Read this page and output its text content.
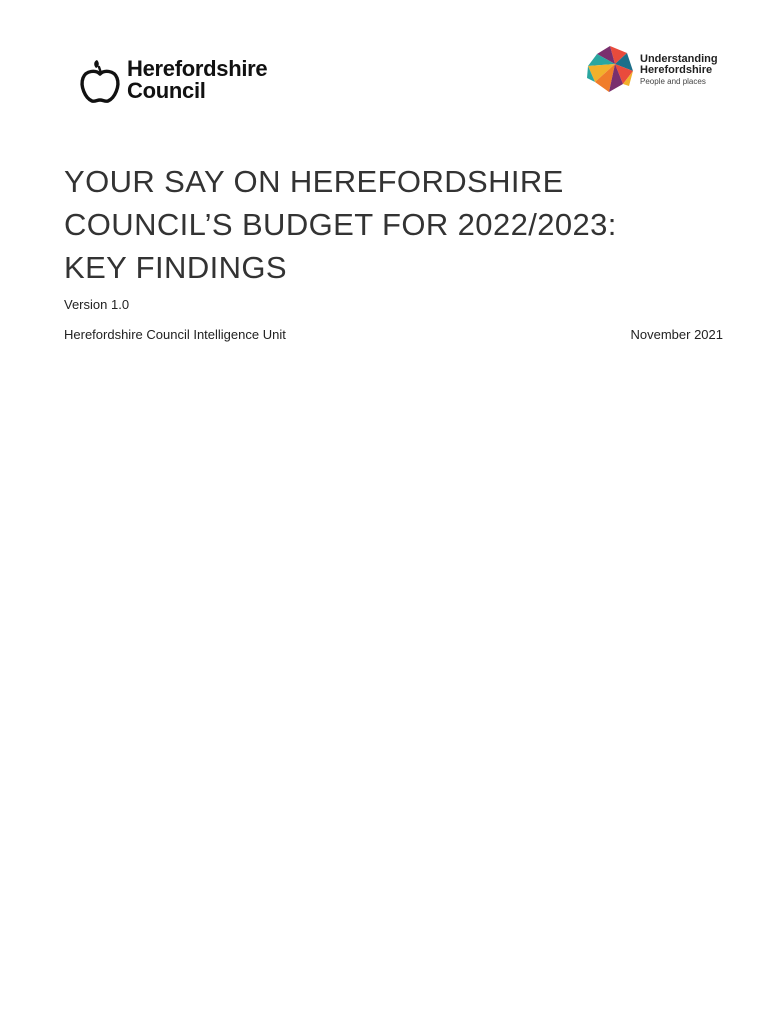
Herefordshire
Council
Understanding
Herefordshire
People and places
YOUR SAY ON HEREFORDSHIRE
COUNCIL’S BUDGET FOR 2022/2023:
KEY FINDINGS
Version 1.0
Herefordshire Council Intelligence Unit	November 2021
